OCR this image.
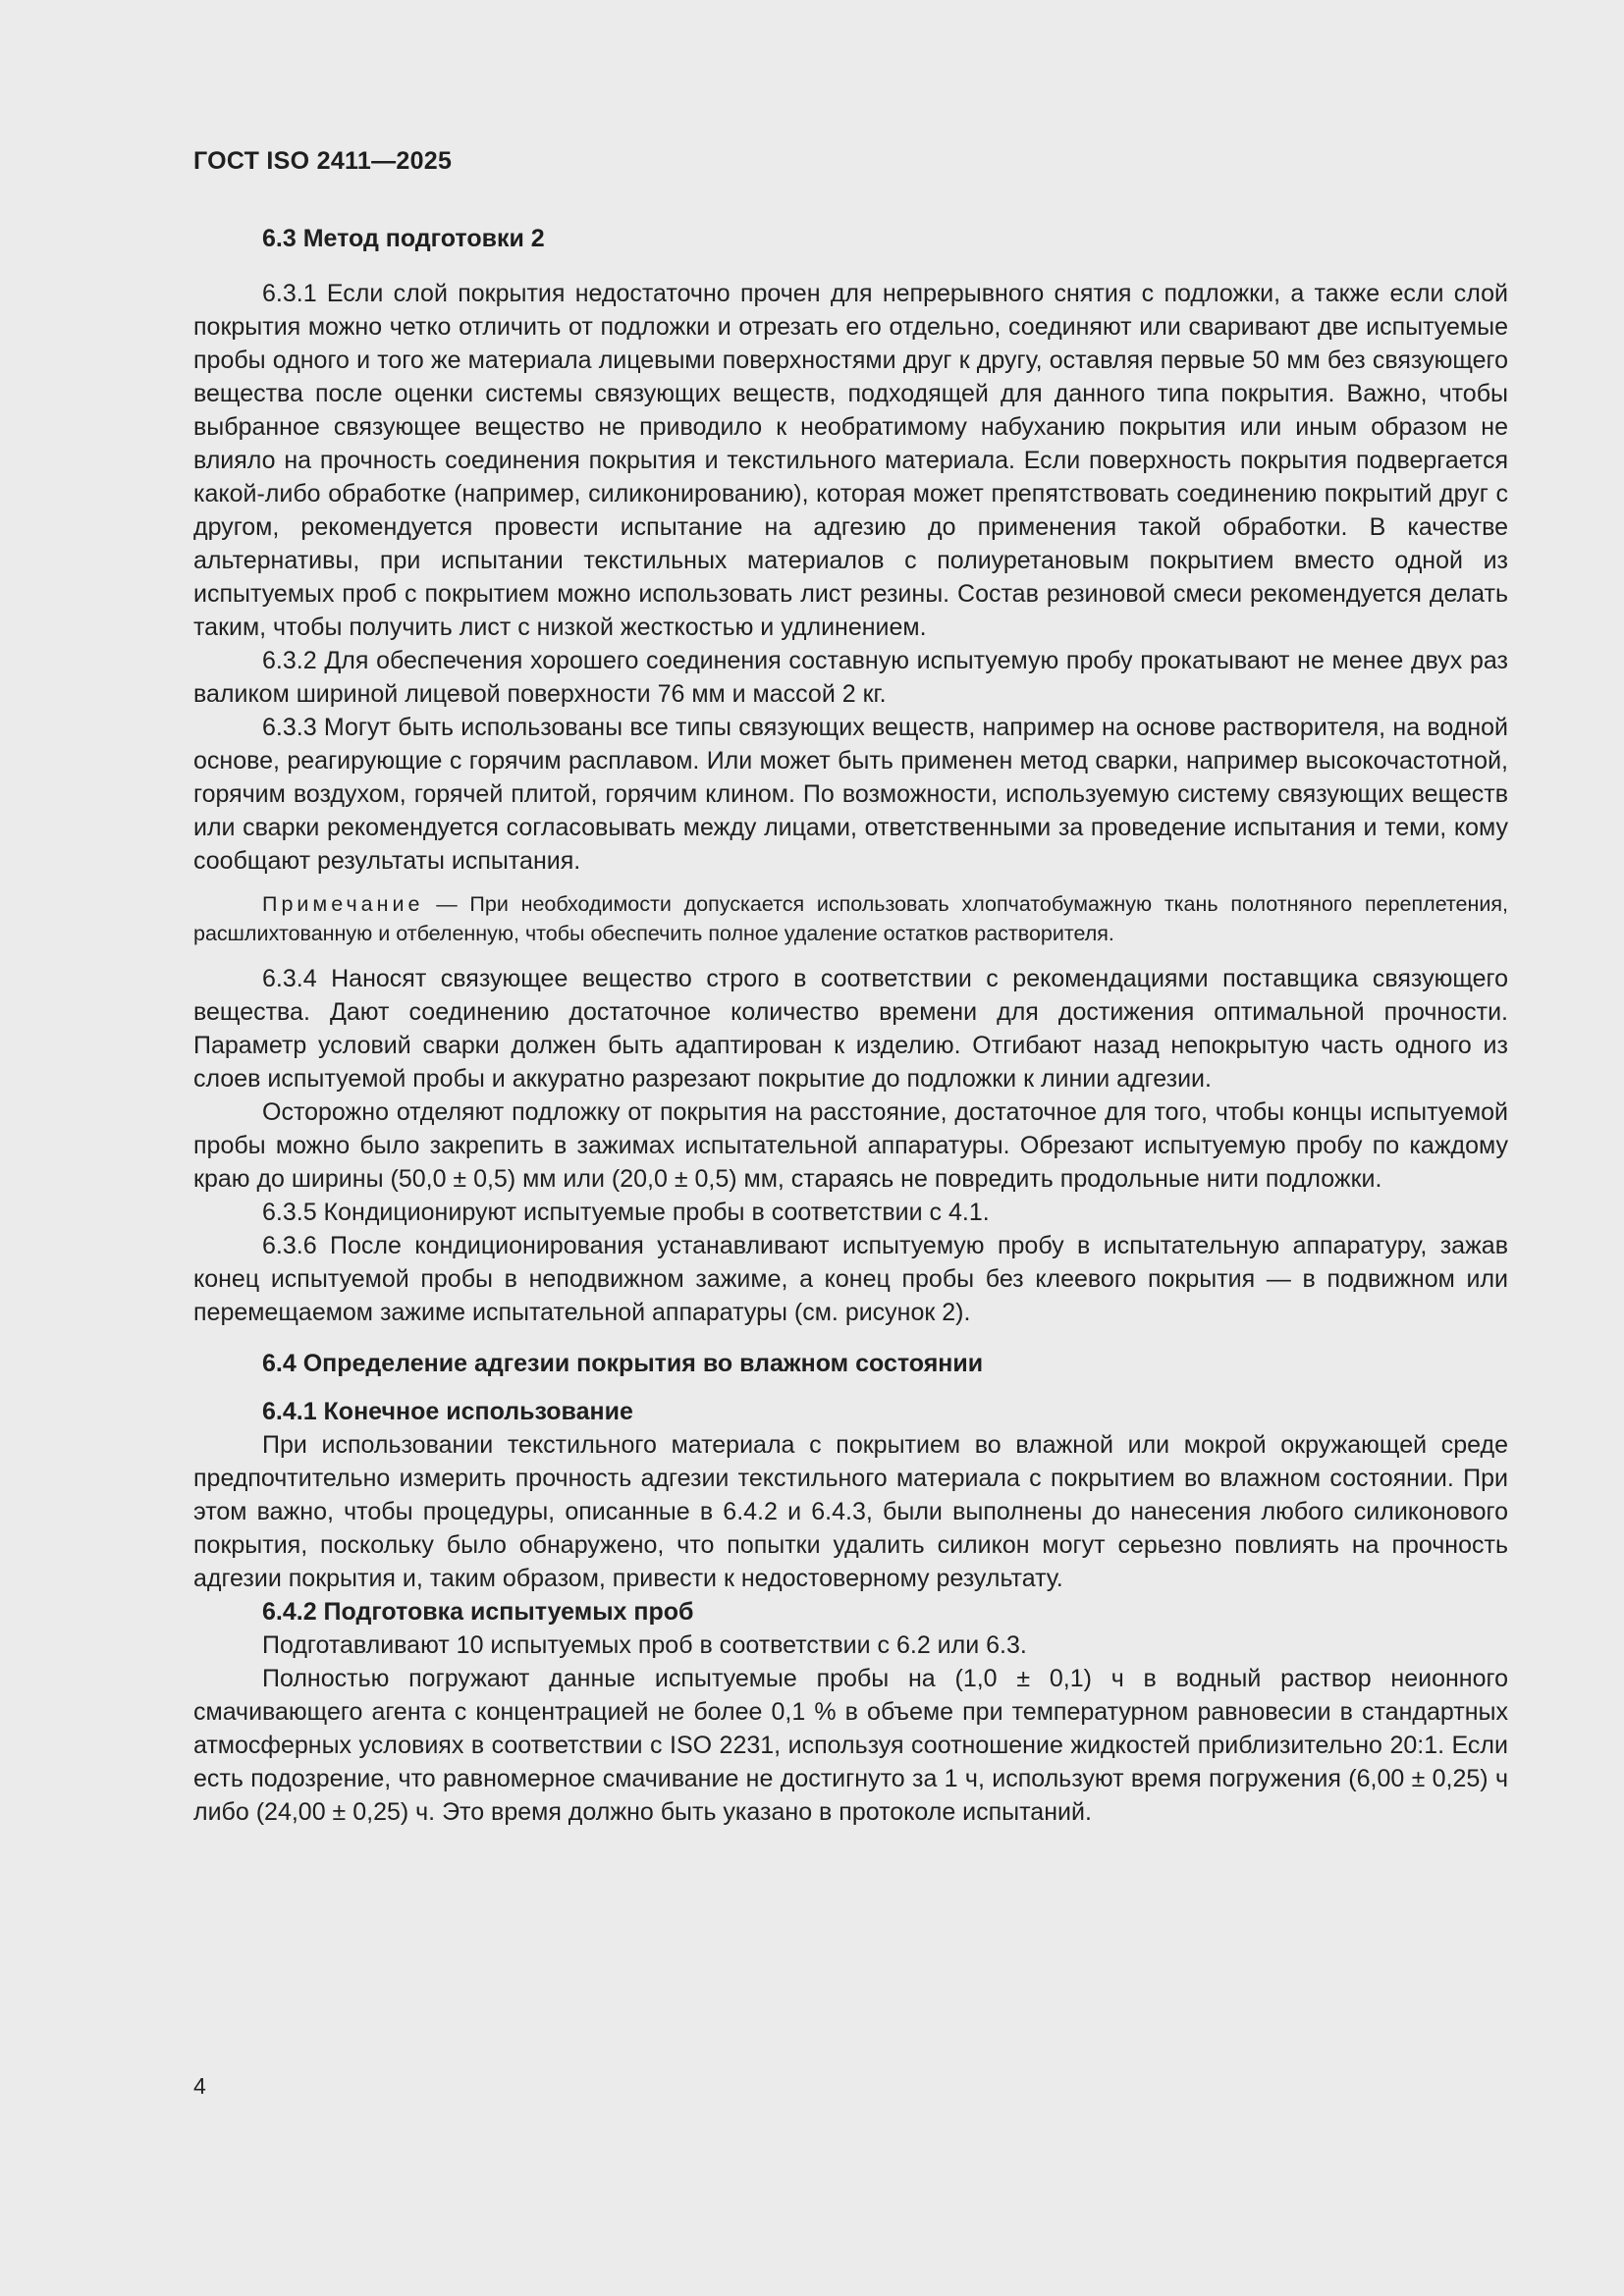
ГОСТ ISO 2411—2025

6.3 Метод подготовки 2

6.3.1 Если слой покрытия недостаточно прочен для непрерывного снятия с подложки, а также если слой покрытия можно четко отличить от подложки и отрезать его отдельно, соединяют или сваривают две испытуемые пробы одного и того же материала лицевыми поверхностями друг к другу, оставляя первые 50 мм без связующего вещества после оценки системы связующих веществ, подходящей для данного типа покрытия. Важно, чтобы выбранное связующее вещество не приводило к необратимому набуханию покрытия или иным образом не влияло на прочность соединения покрытия и текстильного материала. Если поверхность покрытия подвергается какой-либо обработке (например, силиконированию), которая может препятствовать соединению покрытий друг с другом, рекомендуется провести испытание на адгезию до применения такой обработки. В качестве альтернативы, при испытании текстильных материалов с полиуретановым покрытием вместо одной из испытуемых проб с покрытием можно использовать лист резины. Состав резиновой смеси рекомендуется делать таким, чтобы получить лист с низкой жесткостью и удлинением.

6.3.2 Для обеспечения хорошего соединения составную испытуемую пробу прокатывают не менее двух раз валиком шириной лицевой поверхности 76 мм и массой 2 кг.

6.3.3 Могут быть использованы все типы связующих веществ, например на основе растворителя, на водной основе, реагирующие с горячим расплавом. Или может быть применен метод сварки, например высокочастотной, горячим воздухом, горячей плитой, горячим клином. По возможности, используемую систему связующих веществ или сварки рекомендуется согласовывать между лицами, ответственными за проведение испытания и теми, кому сообщают результаты испытания.

Примечание — При необходимости допускается использовать хлопчатобумажную ткань полотняного переплетения, расшлихтованную и отбеленную, чтобы обеспечить полное удаление остатков растворителя.

6.3.4 Наносят связующее вещество строго в соответствии с рекомендациями поставщика связующего вещества. Дают соединению достаточное количество времени для достижения оптимальной прочности. Параметр условий сварки должен быть адаптирован к изделию. Отгибают назад непокрытую часть одного из слоев испытуемой пробы и аккуратно разрезают покрытие до подложки к линии адгезии.

Осторожно отделяют подложку от покрытия на расстояние, достаточное для того, чтобы концы испытуемой пробы можно было закрепить в зажимах испытательной аппаратуры. Обрезают испытуемую пробу по каждому краю до ширины (50,0 ± 0,5) мм или (20,0 ± 0,5) мм, стараясь не повредить продольные нити подложки.

6.3.5 Кондиционируют испытуемые пробы в соответствии с 4.1.

6.3.6 После кондиционирования устанавливают испытуемую пробу в испытательную аппаратуру, зажав конец испытуемой пробы в неподвижном зажиме, а конец пробы без клеевого покрытия — в подвижном или перемещаемом зажиме испытательной аппаратуры (см. рисунок 2).

6.4 Определение адгезии покрытия во влажном состоянии
6.4.1 Конечное использование

При использовании текстильного материала с покрытием во влажной или мокрой окружающей среде предпочтительно измерить прочность адгезии текстильного материала с покрытием во влажном состоянии. При этом важно, чтобы процедуры, описанные в 6.4.2 и 6.4.3, были выполнены до нанесения любого силиконового покрытия, поскольку было обнаружено, что попытки удалить силикон могут серьезно повлиять на прочность адгезии покрытия и, таким образом, привести к недостоверному результату.

6.4.2 Подготовка испытуемых проб

Подготавливают 10 испытуемых проб в соответствии с 6.2 или 6.3.

Полностью погружают данные испытуемые пробы на (1,0 ± 0,1) ч в водный раствор неионного смачивающего агента с концентрацией не более 0,1 % в объеме при температурном равновесии в стандартных атмосферных условиях в соответствии с ISO 2231, используя соотношение жидкостей приблизительно 20:1. Если есть подозрение, что равномерное смачивание не достигнуто за 1 ч, используют время погружения (6,00 ± 0,25) ч либо (24,00 ± 0,25) ч. Это время должно быть указано в протоколе испытаний.

4
